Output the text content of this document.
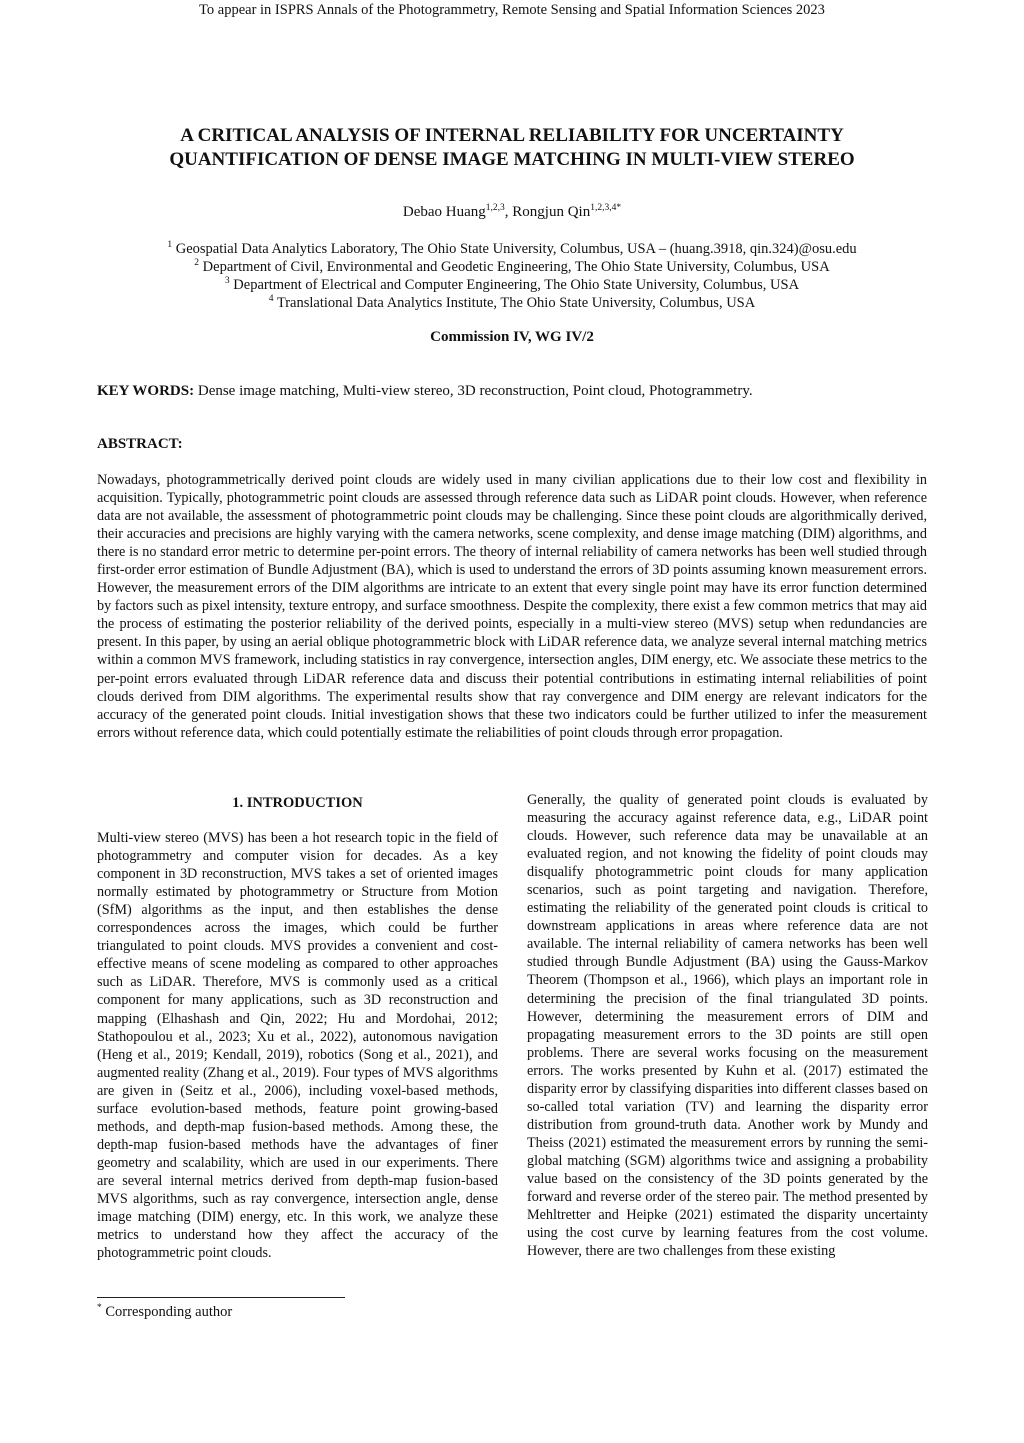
To appear in ISPRS Annals of the Photogrammetry, Remote Sensing and Spatial Information Sciences 2023
A CRITICAL ANALYSIS OF INTERNAL RELIABILITY FOR UNCERTAINTY
QUANTIFICATION OF DENSE IMAGE MATCHING IN MULTI-VIEW STEREO
Debao Huang$^{1,2,3}$, Rongjun Qin$^{1,2,3,4*}$
$^1$ Geospatial Data Analytics Laboratory, The Ohio State University, Columbus, USA – (huang.3918, qin.324)@osu.edu
$^2$ Department of Civil, Environmental and Geodetic Engineering, The Ohio State University, Columbus, USA
$^3$ Department of Electrical and Computer Engineering, The Ohio State University, Columbus, USA
$^4$ Translational Data Analytics Institute, The Ohio State University, Columbus, USA
Commission IV, WG IV/2
KEY WORDS: Dense image matching, Multi-view stereo, 3D reconstruction, Point cloud, Photogrammetry.
ABSTRACT:

Nowadays, photogrammetrically derived point clouds are widely used in many civilian applications due to their low cost and flexibility in acquisition. Typically, photogrammetric point clouds are assessed through reference data such as LiDAR point clouds. However, when reference data are not available, the assessment of photogrammetric point clouds may be challenging. Since these point clouds are algorithmically derived, their accuracies and precisions are highly varying with the camera networks, scene complexity, and dense image matching (DIM) algorithms, and there is no standard error metric to determine per-point errors. The theory of internal reliability of camera networks has been well studied through first-order error estimation of Bundle Adjustment (BA), which is used to understand the errors of 3D points assuming known measurement errors. However, the measurement errors of the DIM algorithms are intricate to an extent that every single point may have its error function determined by factors such as pixel intensity, texture entropy, and surface smoothness. Despite the complexity, there exist a few common metrics that may aid the process of estimating the posterior reliability of the derived points, especially in a multi-view stereo (MVS) setup when redundancies are present. In this paper, by using an aerial oblique photogrammetric block with LiDAR reference data, we analyze several internal matching metrics within a common MVS framework, including statistics in ray convergence, intersection angles, DIM energy, etc. We associate these metrics to the per-point errors evaluated through LiDAR reference data and discuss their potential contributions in estimating internal reliabilities of point clouds derived from DIM algorithms. The experimental results show that ray convergence and DIM energy are relevant indicators for the accuracy of the generated point clouds. Initial investigation shows that these two indicators could be further utilized to infer the measurement errors without reference data, which could potentially estimate the reliabilities of point clouds through error propagation.

1. INTRODUCTION

Multi-view stereo (MVS) has been a hot research topic in the field of photogrammetry and computer vision for decades. As a key component in 3D reconstruction, MVS takes a set of oriented images normally estimated by photogrammetry or Structure from Motion (SfM) algorithms as the input, and then establishes the dense correspondences across the images, which could be further triangulated to point clouds. MVS provides a convenient and cost-effective means of scene modeling as compared to other approaches such as LiDAR. Therefore, MVS is commonly used as a critical component for many applications, such as 3D reconstruction and mapping (Elhashash and Qin, 2022; Hu and Mordohai, 2012; Stathopoulou et al., 2023; Xu et al., 2022), autonomous navigation (Heng et al., 2019; Kendall, 2019), robotics (Song et al., 2021), and augmented reality (Zhang et al., 2019). Four types of MVS algorithms are given in (Seitz et al., 2006), including voxel-based methods, surface evolution-based methods, feature point growing-based methods, and depth-map fusion-based methods. Among these, the depth-map fusion-based methods have the advantages of finer geometry and scalability, which are used in our experiments. There are several internal metrics derived from depth-map fusion-based MVS algorithms, such as ray convergence, intersection angle, dense image matching (DIM) energy, etc. In this work, we analyze these metrics to understand how they affect the accuracy of the photogrammetric point clouds.

Generally, the quality of generated point clouds is evaluated by measuring the accuracy against reference data, e.g., LiDAR point clouds. However, such reference data may be unavailable at an evaluated region, and not knowing the fidelity of point clouds may disqualify photogrammetric point clouds for many application scenarios, such as point targeting and navigation. Therefore, estimating the reliability of the generated point clouds is critical to downstream applications in areas where reference data are not available. The internal reliability of camera networks has been well studied through Bundle Adjustment (BA) using the Gauss-Markov Theorem (Thompson et al., 1966), which plays an important role in determining the precision of the final triangulated 3D points. However, determining the measurement errors of DIM and propagating measurement errors to the 3D points are still open problems. There are several works focusing on the measurement errors. The works presented by Kuhn et al. (2017) estimated the disparity error by classifying disparities into different classes based on so-called total variation (TV) and learning the disparity error distribution from ground-truth data. Another work by Mundy and Theiss (2021) estimated the measurement errors by running the semi-global matching (SGM) algorithms twice and assigning a probability value based on the consistency of the 3D points generated by the forward and reverse order of the stereo pair. The method presented by Mehltretter and Heipke (2021) estimated the disparity uncertainty using the cost curve by learning features from the cost volume. However, there are two challenges from these existing

* Corresponding author
